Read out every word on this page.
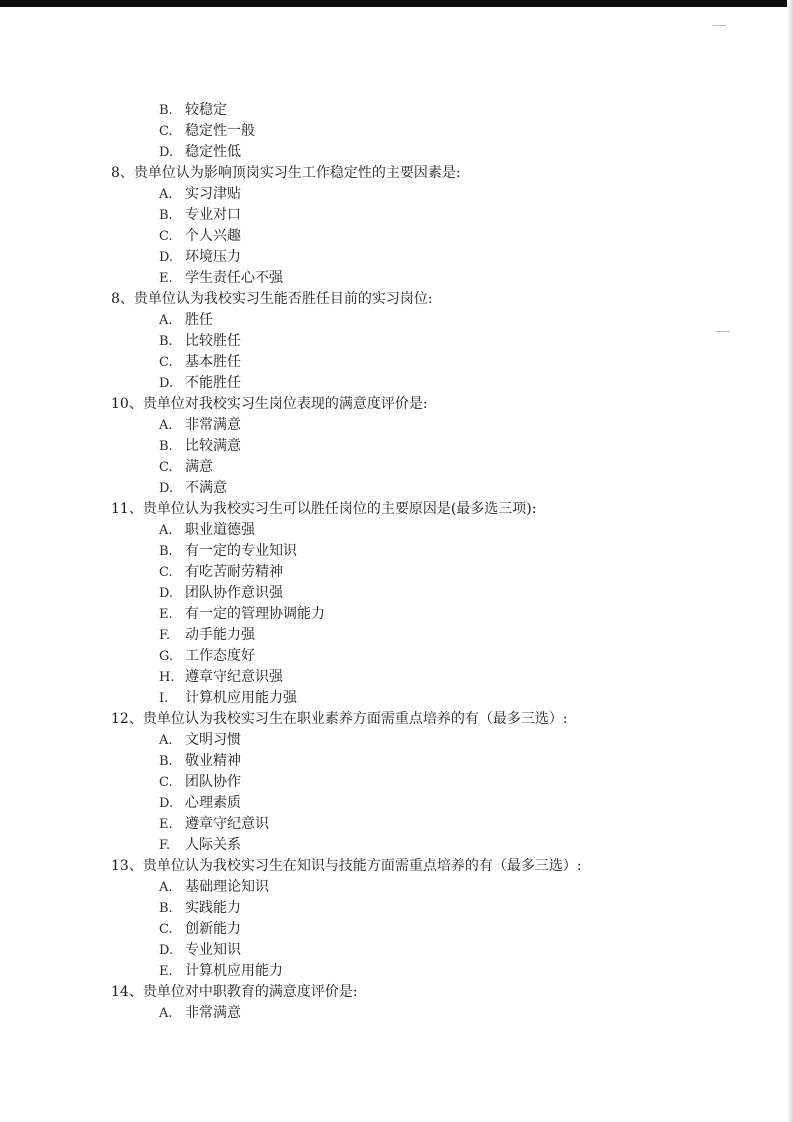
B. 较稳定
C. 稳定性一般
D. 稳定性低
8、贵单位认为影响顶岗实习生工作稳定性的主要因素是:
A. 实习津贴
B. 专业对口
C. 个人兴趣
D. 环境压力
E. 学生责任心不强
8、贵单位认为我校实习生能否胜任目前的实习岗位:
A. 胜任
B. 比较胜任
C. 基本胜任
D. 不能胜任
10、贵单位对我校实习生岗位表现的满意度评价是:
A. 非常满意
B. 比较满意
C. 满意
D. 不满意
11、贵单位认为我校实习生可以胜任岗位的主要原因是(最多选三项):
A. 职业道德强
B. 有一定的专业知识
C. 有吃苦耐劳精神
D. 团队协作意识强
E. 有一定的管理协调能力
F. 动手能力强
G. 工作态度好
H. 遵章守纪意识强
I. 计算机应用能力强
12、贵单位认为我校实习生在职业素养方面需重点培养的有（最多三选）:
A. 文明习惯
B. 敬业精神
C. 团队协作
D. 心理素质
E. 遵章守纪意识
F. 人际关系
13、贵单位认为我校实习生在知识与技能方面需重点培养的有（最多三选）:
A. 基础理论知识
B. 实践能力
C. 创新能力
D. 专业知识
E. 计算机应用能力
14、贵单位对中职教育的满意度评价是:
A. 非常满意
